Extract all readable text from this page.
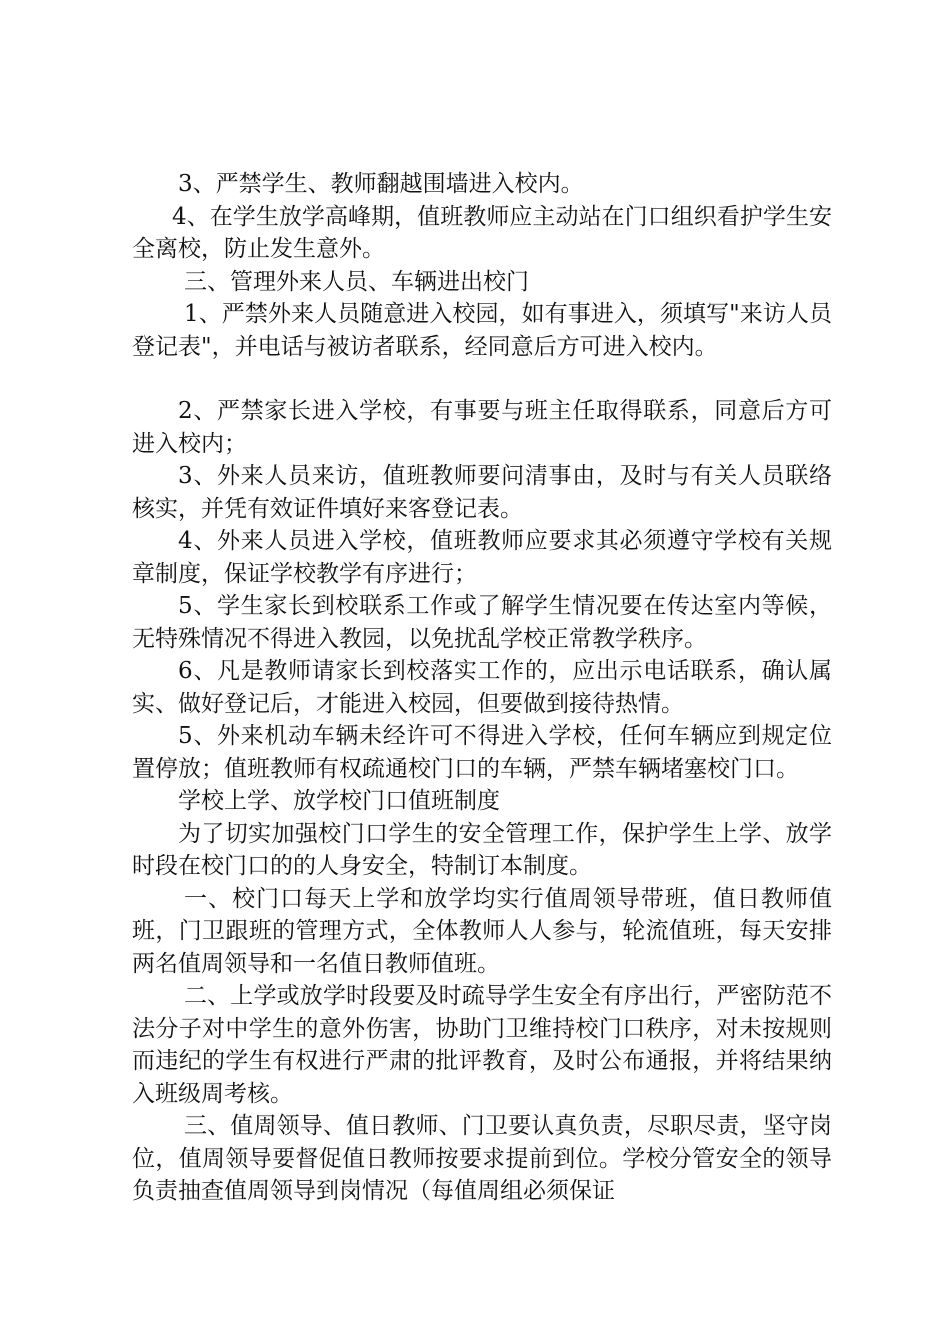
3、严禁学生、教师翻越围墙进入校内。

4、在学生放学高峰期，值班教师应主动站在门口组织看护学生安全离校，防止发生意外。

三、管理外来人员、车辆进出校门

1、严禁外来人员随意进入校园，如有事进入，须填写"来访人员登记表"，并电话与被访者联系，经同意后方可进入校内。

2、严禁家长进入学校，有事要与班主任取得联系，同意后方可进入校内；

3、外来人员来访，值班教师要问清事由，及时与有关人员联络核实，并凭有效证件填好来客登记表。

4、外来人员进入学校，值班教师应要求其必须遵守学校有关规章制度，保证学校教学有序进行；

5、学生家长到校联系工作或了解学生情况要在传达室内等候，无特殊情况不得进入教园，以免扰乱学校正常教学秩序。

6、凡是教师请家长到校落实工作的，应出示电话联系，确认属实、做好登记后，才能进入校园，但要做到接待热情。

5、外来机动车辆未经许可不得进入学校，任何车辆应到规定位置停放；值班教师有权疏通校门口的车辆，严禁车辆堵塞校门口。

学校上学、放学校门口值班制度

为了切实加强校门口学生的安全管理工作，保护学生上学、放学时段在校门口的的人身安全，特制订本制度。

一、校门口每天上学和放学均实行值周领导带班，值日教师值班，门卫跟班的管理方式，全体教师人人参与，轮流值班，每天安排两名值周领导和一名值日教师值班。

二、上学或放学时段要及时疏导学生安全有序出行，严密防范不法分子对中学生的意外伤害，协助门卫维持校门口秩序，对未按规则而违纪的学生有权进行严肃的批评教育，及时公布通报，并将结果纳入班级周考核。

三、值周领导、值日教师、门卫要认真负责，尽职尽责，坚守岗位，值周领导要督促值日教师按要求提前到位。学校分管安全的领导负责抽查值周领导到岗情况（每值周组必须保证
